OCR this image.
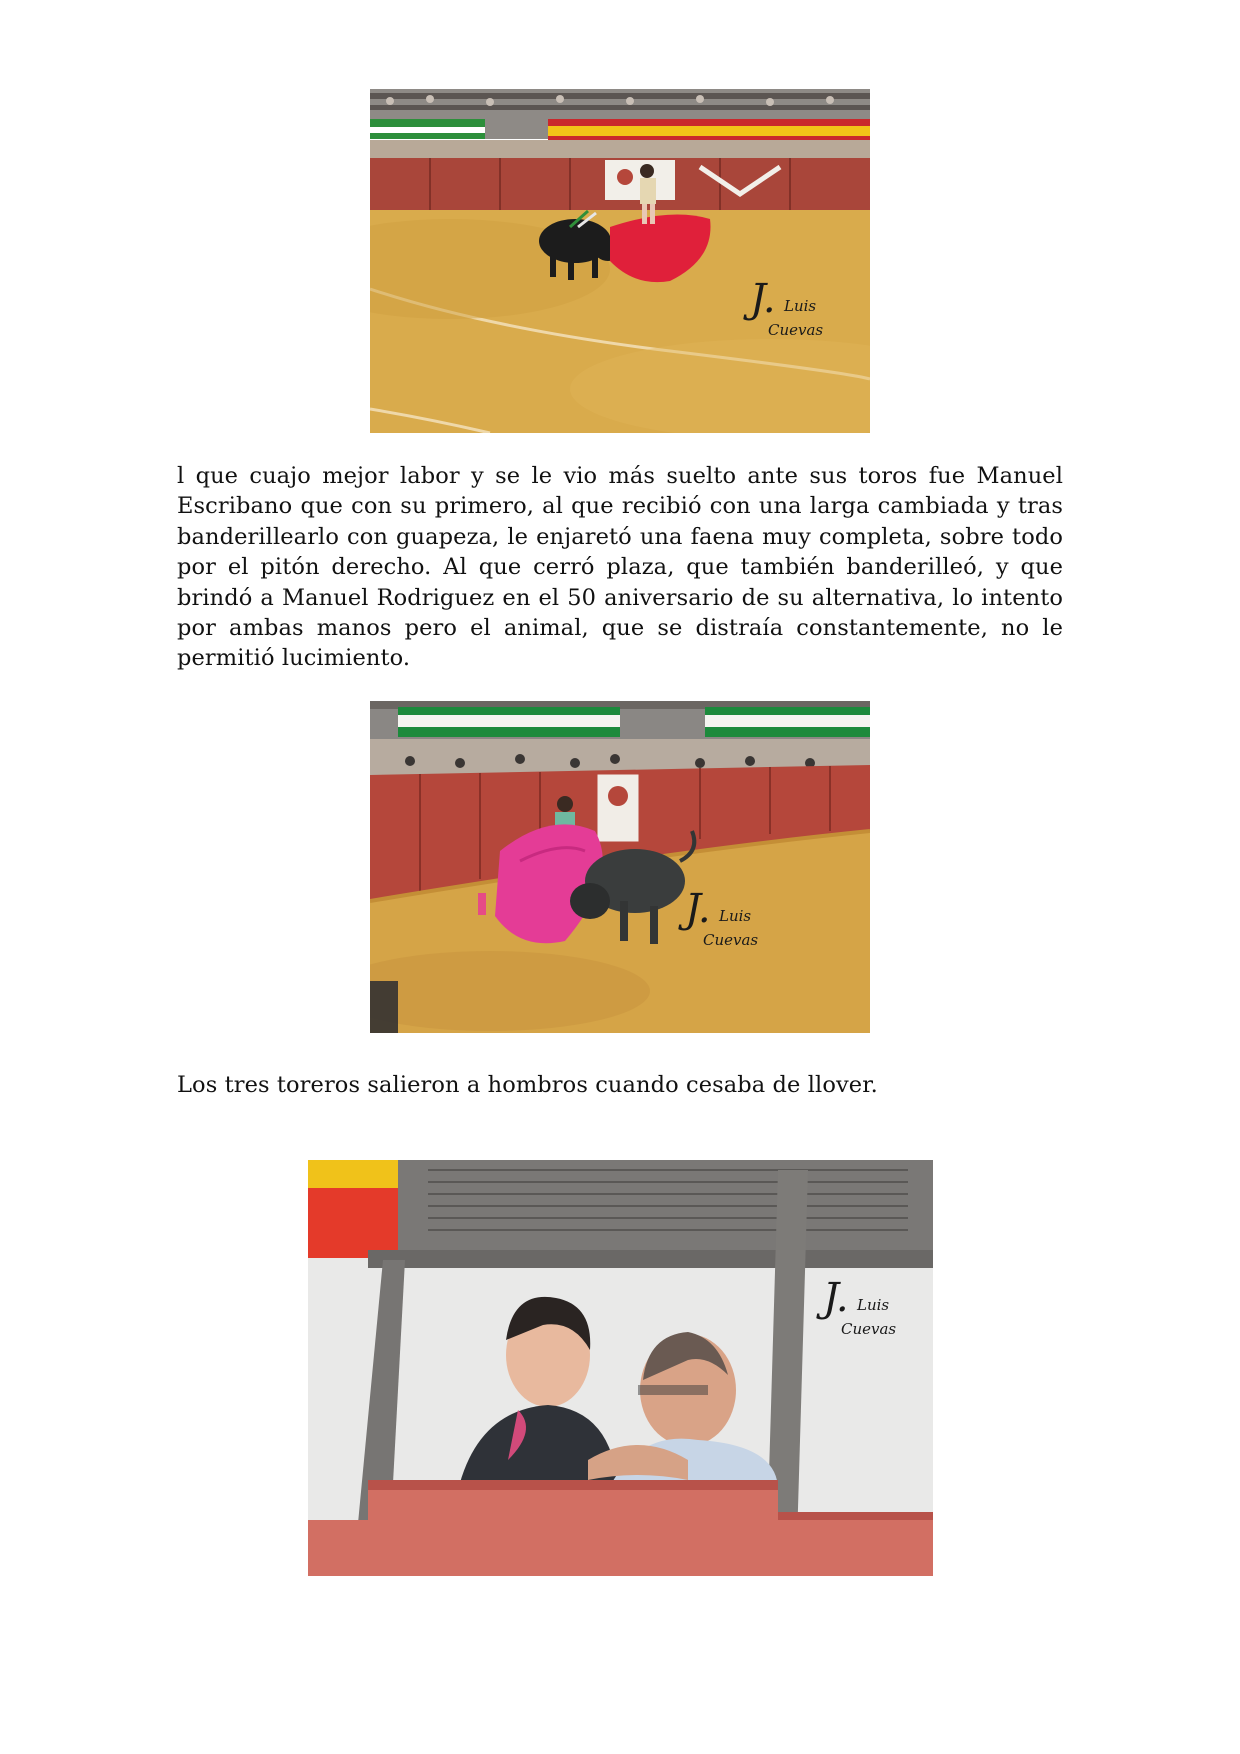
J. Luis
Cuevas

l que cuajo mejor labor y se le vio más suelto ante sus toros fue Manuel Escribano que con su primero, al que recibió con una larga cambiada y tras banderillearlo con guapeza, le enjaretó una faena muy completa, sobre todo por el pitón derecho. Al que cerró plaza, que también banderilleó, y que brindó a Manuel Rodriguez en el 50 aniversario de su alternativa, lo intento por ambas manos pero el animal, que se distraía constantemente, no le permitió lucimiento.

J. Luis
Cuevas

Los tres toreros salieron a hombros cuando cesaba de llover.

J. Luis
Cuevas
